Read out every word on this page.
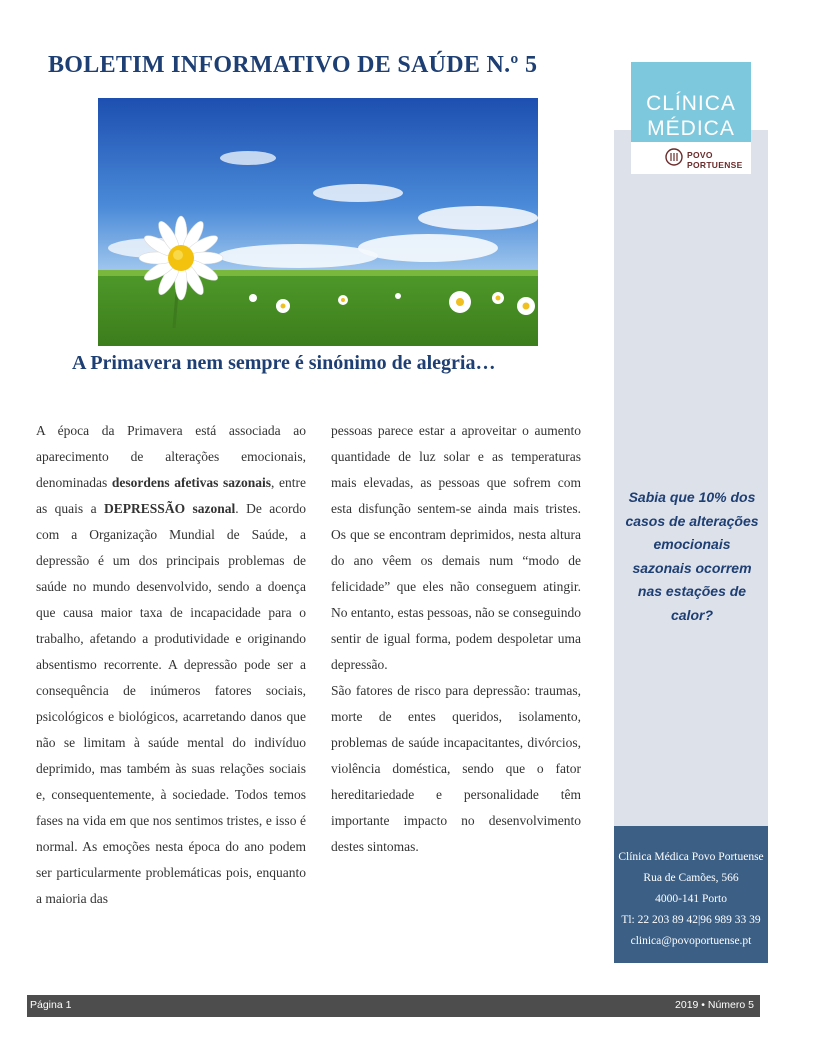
BOLETIM INFORMATIVO DE SAÚDE N.º 5
A Primavera nem sempre é sinónimo de alegria…

A época da Primavera está associada ao aparecimento de alterações emocionais, denominadas desordens afetivas sazonais, entre as quais a DEPRESSÃO sazonal. De acordo com a Organização Mundial de Saúde, a depressão é um dos principais problemas de saúde no mundo desenvolvido, sendo a doença que causa maior taxa de incapacidade para o trabalho, afetando a produtividade e originando absentismo recorrente. A depressão pode ser a consequência de inúmeros fatores sociais, psicológicos e biológicos, acarretando danos que não se limitam à saúde mental do indivíduo deprimido, mas também às suas relações sociais e, consequentemente, à sociedade. Todos temos fases na vida em que nos sentimos tristes, e isso é normal. As emoções nesta época do ano podem ser particularmente problemáticas pois, enquanto a maioria das

pessoas parece estar a aproveitar o aumento quantidade de luz solar e as temperaturas mais elevadas, as pessoas que sofrem com esta disfunção sentem-se ainda mais tristes. Os que se encontram deprimidos, nesta altura do ano vêem os demais num “modo de felicidade” que eles não conseguem atingir. No entanto, estas pessoas, não se conseguindo sentir de igual forma, podem despoletar uma depressão.

São fatores de risco para depressão: traumas, morte de entes queridos, isolamento, problemas de saúde incapacitantes, divórcios, violência doméstica, sendo que o fator hereditariedade e personalidade têm importante impacto no desenvolvimento destes sintomas.

CLÍNICA
MÉDICA
POVO
PORTUENSE
Sabia que 10% dos casos de alterações emocionais sazonais ocorrem nas estações de calor?
Clínica Médica Povo Portuense
Rua de Camões, 566
4000-141 Porto
Tl: 22 203 89 42|96 989 33 39
clinica@povoportuense.pt
Página 1	2019 • Número 5
